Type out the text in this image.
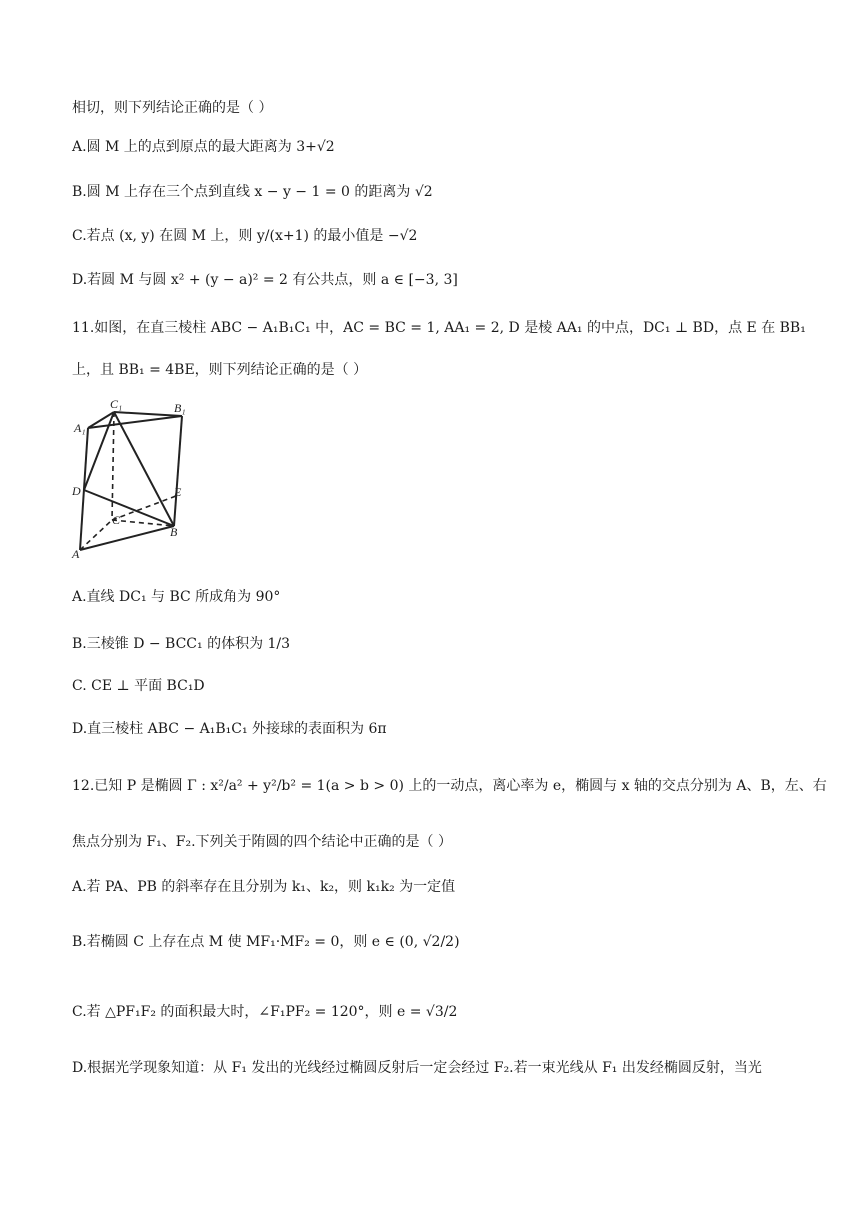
相切，则下列结论正确的是（ ）
A.圆 M 上的点到原点的最大距离为 3+√2
B.圆 M 上存在三个点到直线 x − y − 1 = 0 的距离为 √2
C.若点 (x, y) 在圆 M 上，则 y/(x+1) 的最小值是 −√2
D.若圆 M 与圆 x² + (y − a)² = 2 有公共点，则 a ∈ [−3, 3]
11.如图，在直三棱柱 ABC − A₁B₁C₁ 中，AC = BC = 1, AA₁ = 2, D 是棱 AA₁ 的中点，DC₁ ⊥ BD，点 E 在 BB₁
上，且 BB₁ = 4BE，则下列结论正确的是（ ）
C₁	B₁
A₁
D	E
C
B
A
A.直线 DC₁ 与 BC 所成角为 90°
B.三棱锥 D − BCC₁ 的体积为 1/3
C. CE ⊥ 平面 BC₁D
D.直三棱柱 ABC − A₁B₁C₁ 外接球的表面积为 6π
12.已知 P 是椭圆 Γ : x²/a² + y²/b² = 1(a > b > 0) 上的一动点，离心率为 e，椭圆与 x 轴的交点分别为 A、B，左、右
焦点分别为 F₁、F₂.下列关于陏圆的四个结论中正确的是（ ）
A.若 PA、PB 的斜率存在且分别为 k₁、k₂，则 k₁k₂ 为一定值
B.若椭圆 C 上存在点 M 使 MF₁·MF₂ = 0，则 e ∈ (0, √2/2)
C.若 △PF₁F₂ 的面积最大时，∠F₁PF₂ = 120°，则 e = √3/2
D.根据光学现象知道：从 F₁ 发出的光线经过椭圆反射后一定会经过 F₂.若一束光线从 F₁ 出发经椭圆反射，当光
